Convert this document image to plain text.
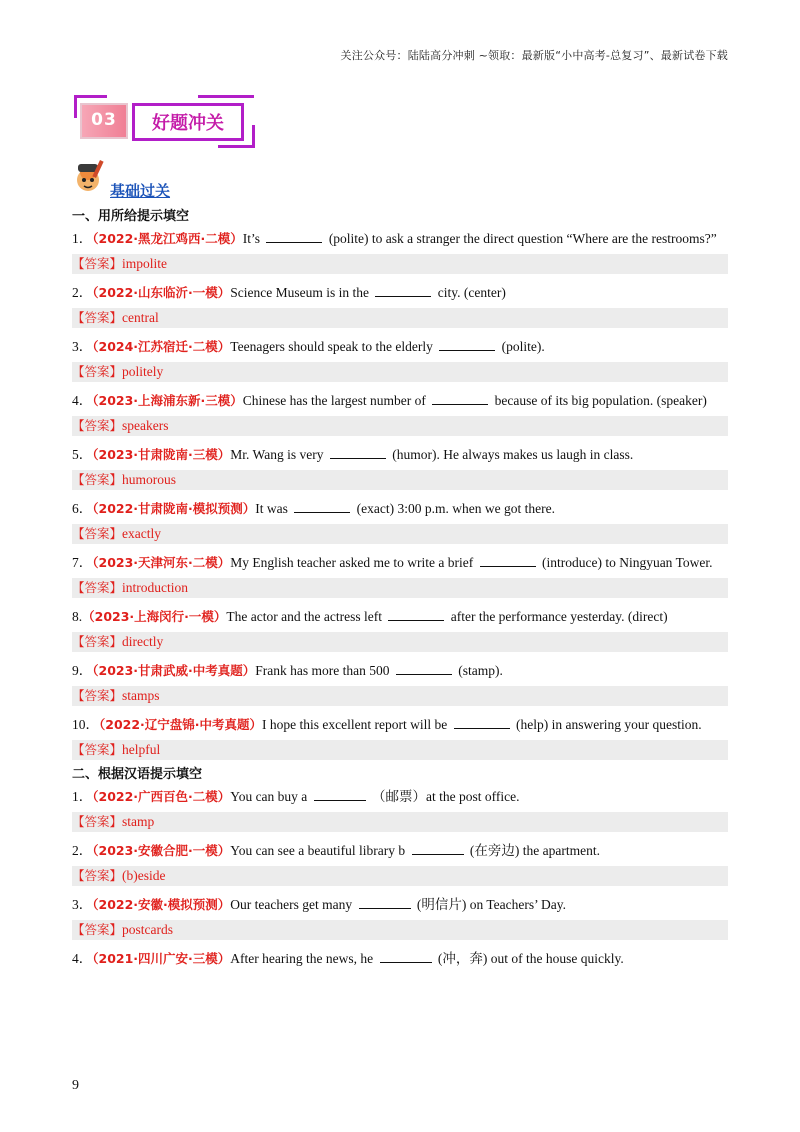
关注公众号：陆陆高分冲刺 ~领取：最新版“小中高考-总复习”、最新试卷下载
03	好题冲关
基础过关

一、用所给提示填空

1．（2022·黑龙江鸡西·二模）It’s	(polite) to ask a stranger the direct question “Where are the restrooms?”

【答案】impolite

2．（2022·山东临沂·一模）Science Museum is in the	city. (center)

【答案】central

3．（2024·江苏宿迁·二模）Teenagers should speak to the elderly	(polite).

【答案】politely

4．（2023·上海浦东新·三模）Chinese has the largest number of	because of its big population. (speaker)

【答案】speakers

5．（2023·甘肃陇南·三模）Mr. Wang is very	(humor). He always makes us laugh in class.

【答案】humorous

6．（2022·甘肃陇南·模拟预测）It was	(exact) 3:00 p.m. when we got there.

【答案】exactly

7．（2023·天津河东·二模）My English teacher asked me to write a brief	(introduce) to Ningyuan Tower.

【答案】introduction

8.（2023·上海闵行·一模）The actor and the actress left	after the performance yesterday. (direct)

【答案】directly

9．（2023·甘肃武威·中考真题）Frank has more than 500	(stamp).

【答案】stamps

10．（2022·辽宁盘锦·中考真题）I hope this excellent report will be	(help) in answering your question.

【答案】helpful

二、根据汉语提示填空

1．（2022·广西百色·二模）You can buy a	（邮票）at the post office.

【答案】stamp

2．（2023·安徽合肥·一模）You can see a beautiful library b	(在旁边) the apartment.

【答案】(b)eside

3．（2022·安徽·模拟预测）Our teachers get many	(明信片) on Teachers’ Day.

【答案】postcards

4．（2021·四川广安·三模）After hearing the news, he	(冲，奔) out of the house quickly.

9
